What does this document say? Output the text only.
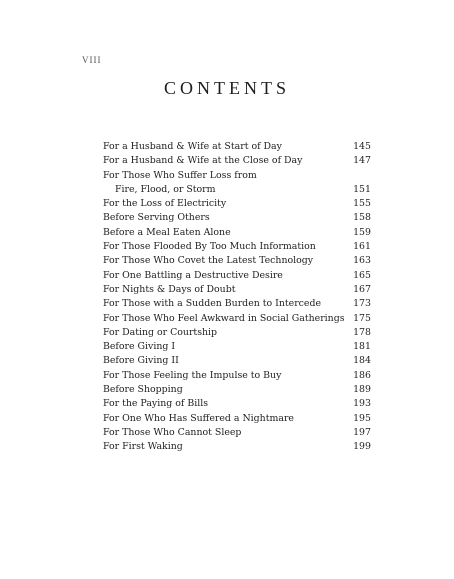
VIII
CONTENTS
For a Husband & Wife at Start of Day	145
For a Husband & Wife at the Close of Day	147
For Those Who Suffer Loss from
Fire, Flood, or Storm	151
For the Loss of Electricity	155
Before Serving Others	158
Before a Meal Eaten Alone	159
For Those Flooded By Too Much Information	161
For Those Who Covet the Latest Technology	163
For One Battling a Destructive Desire	165
For Nights & Days of Doubt	167
For Those with a Sudden Burden to Intercede	173
For Those Who Feel Awkward in Social Gatherings 175
For Dating or Courtship	178
Before Giving I	181
Before Giving II	184
For Those Feeling the Impulse to Buy	186
Before Shopping	189
For the Paying of Bills	193
For One Who Has Suffered a Nightmare	195
For Those Who Cannot Sleep	197
For First Waking	199
